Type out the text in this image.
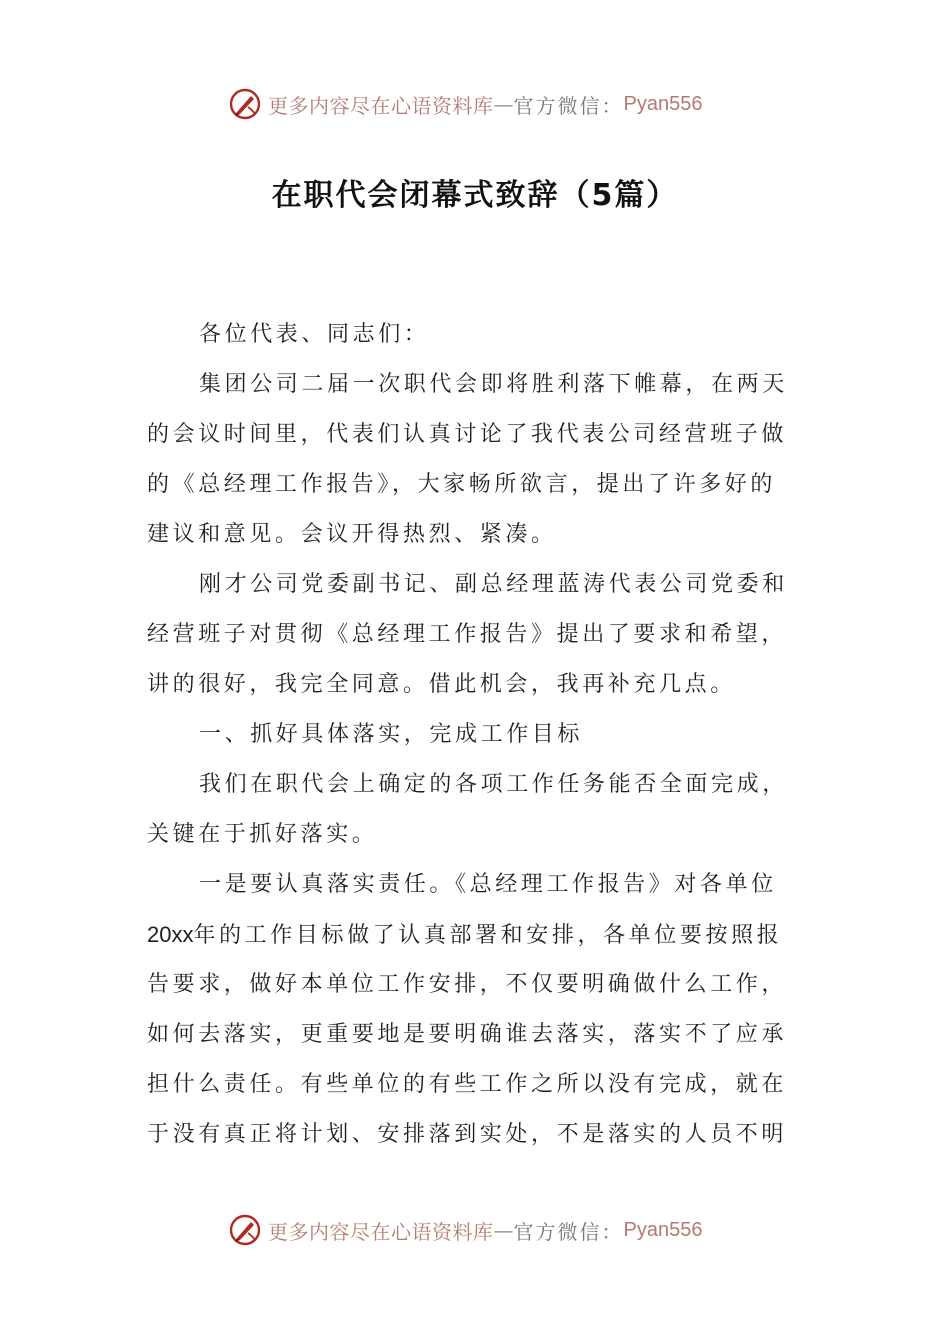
更多内容尽在心语资料库 — 官方微信： Pyan556
在职代会闭幕式致辞（5篇）
各位代表、同志们：
集团公司二届一次职代会即将胜利落下帷幕，在两天
的会议时间里，代表们认真讨论了我代表公司经营班子做
的《总经理工作报告》，大家畅所欲言，提出了许多好的
建议和意见。会议开得热烈、紧凑。
刚才公司党委副书记、副总经理蓝涛代表公司党委和
经营班子对贯彻《总经理工作报告》提出了要求和希望，
讲的很好，我完全同意。借此机会，我再补充几点。
一、抓好具体落实，完成工作目标
我们在职代会上确定的各项工作任务能否全面完成，
关键在于抓好落实。
一是要认真落实责任。《总经理工作报告》对各单位
20xx年的工作目标做了认真部署和安排，各单位要按照报
告要求，做好本单位工作安排，不仅要明确做什么工作，
如何去落实，更重要地是要明确谁去落实，落实不了应承
担什么责任。有些单位的有些工作之所以没有完成，就在
于没有真正将计划、安排落到实处，不是落实的人员不明
更多内容尽在心语资料库 — 官方微信： Pyan556
